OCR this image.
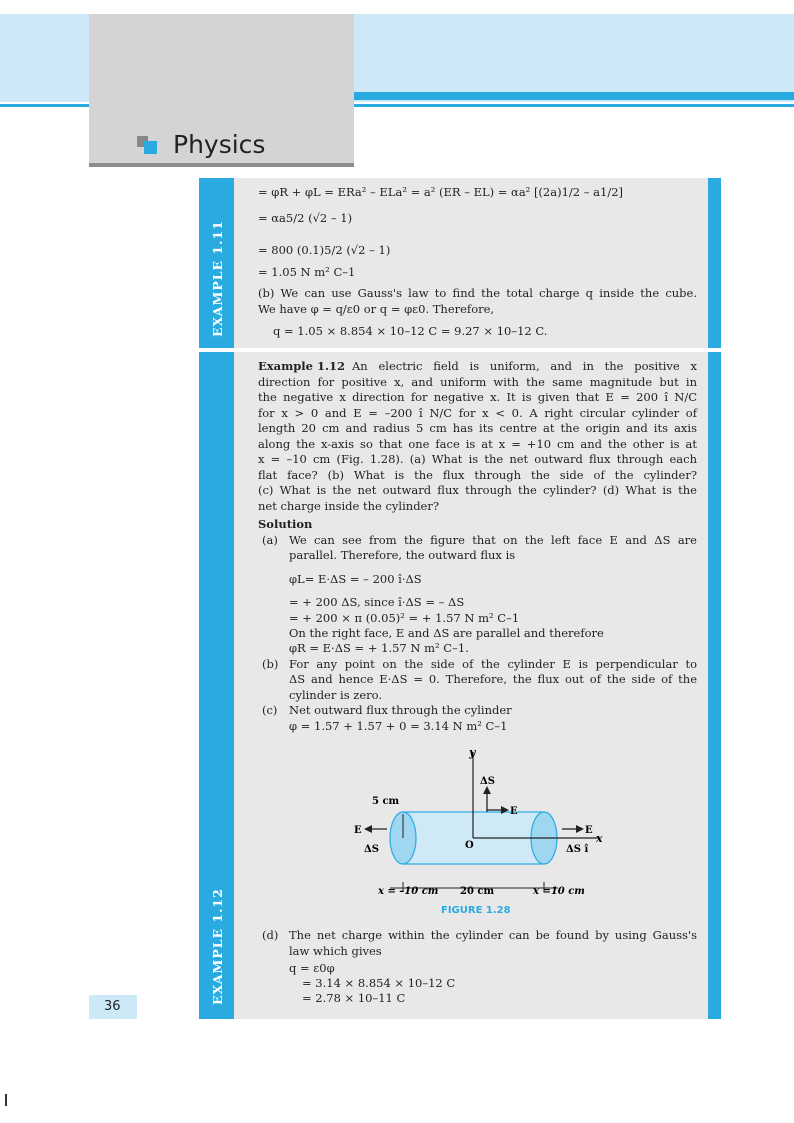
Physics
EXAMPLE 1.11
= φR + φL = ERa² – ELa² = a² (ER – EL) = αa² [(2a)1/2 – a1/2]
= αa5/2 (√2 – 1)
= 800 (0.1)5/2 (√2 – 1)
= 1.05 N m² C–1
(b) We can use Gauss's law to find the total charge q inside the cube.
We have φ = q/ε0 or q = φε0. Therefore,
q = 1.05 × 8.854 × 10–12 C = 9.27 × 10–12 C.
EXAMPLE 1.12
Example 1.12 An electric field is uniform, and in the positive x
direction for positive x, and uniform with the same magnitude but in
the negative x direction for negative x. It is given that E = 200 î N/C
for x > 0 and E = –200 î N/C for x < 0. A right circular cylinder of
length 20 cm and radius 5 cm has its centre at the origin and its axis
along the x-axis so that one face is at x = +10 cm and the other is at
x = –10 cm (Fig. 1.28). (a) What is the net outward flux through each
flat face? (b) What is the flux through the side of the cylinder?
(c) What is the net outward flux through the cylinder? (d) What is the
net charge inside the cylinder?
Solution
(a) We can see from the figure that on the left face E and ΔS are
parallel. Therefore, the outward flux is
φL= E·ΔS = – 200 î·ΔS
= + 200 ΔS, since î·ΔS = – ΔS
= + 200 × π (0.05)² = + 1.57 N m² C–1
On the right face, E and ΔS are parallel and therefore
φR = E·ΔS = + 1.57 N m² C–1.
(b) For any point on the side of the cylinder E is perpendicular to
ΔS and hence E·ΔS = 0. Therefore, the flux out of the side of the
cylinder is zero.
(c) Net outward flux through the cylinder
φ = 1.57 + 1.57 + 0 = 3.14 N m² C–1
y
x
O
5 cm
E	E
E
ΔS
ΔS	ΔS î
x = –10 cm 20 cm	x =10 cm
FIGURE 1.28
(d) The net charge within the cylinder can be found by using Gauss's
law which gives
q = ε0φ
= 3.14 × 8.854 × 10–12 C
= 2.78 × 10–11 C
36
